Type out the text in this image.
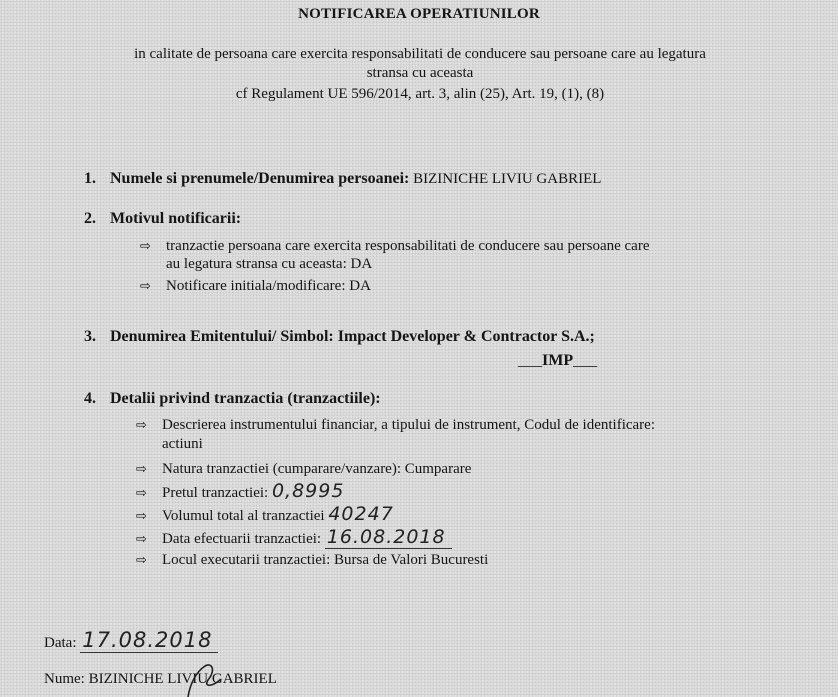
NOTIFICAREA OPERATIUNILOR
in calitate de persoana care exercita responsabilitati de conducere sau persoane care au legatura
stransa cu aceasta
cf Regulament UE 596/2014, art. 3, alin (25), Art. 19, (1), (8)
1. Numele si prenumele/Denumirea persoanei: BIZINICHE LIVIU GABRIEL
2. Motivul notificarii:
⇨ tranzactie persoana care exercita responsabilitati de conducere sau persoane care
au legatura stransa cu aceasta: DA
⇨ Notificare initiala/modificare: DA
3. Denumirea Emitentului/ Simbol: Impact Developer & Contractor S.A.;
___IMP___
4. Detalii privind tranzactia (tranzactiile):
⇨ Descrierea instrumentului financiar, a tipului de instrument, Codul de identificare:
actiuni
⇨ Natura tranzactiei (cumparare/vanzare): Cumparare
⇨ Pretul tranzactiei: 0,8995
⇨ Volumul total al tranzactiei 40247
⇨ Data efectuarii tranzactiei: 16.08.2018
⇨ Locul executarii tranzactiei: Bursa de Valori Bucuresti
Data: 17.08.2018
Nume: BIZINICHE LIVIU GABRIEL
